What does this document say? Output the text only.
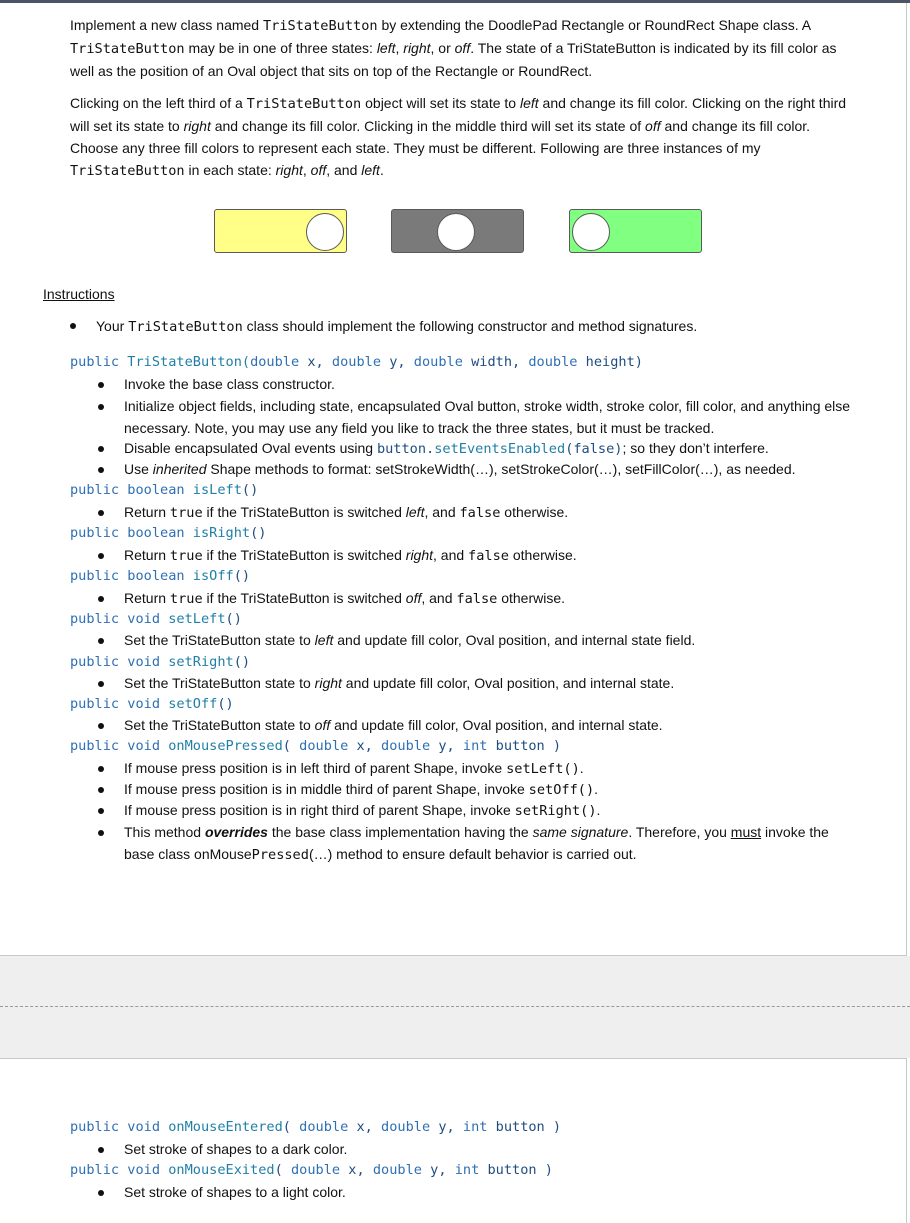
Implement a new class named TriStateButton by extending the DoodlePad Rectangle or RoundRect Shape class. A TriStateButton may be in one of three states: left, right, or off. The state of a TriStateButton is indicated by its fill color as well as the position of an Oval object that sits on top of the Rectangle or RoundRect.

Clicking on the left third of a TriStateButton object will set its state to left and change its fill color. Clicking on the right third will set its state to right and change its fill color. Clicking in the middle third will set its state of off and change its fill color. Choose any three fill colors to represent each state. They must be different. Following are three instances of my TriStateButton in each state: right, off, and left.

Instructions
Your TriStateButton class should implement the following constructor and method signatures.
public TriStateButton(double x, double y, double width, double height)
Invoke the base class constructor.
Initialize object fields, including state, encapsulated Oval button, stroke width, stroke color, fill color, and anything else necessary. Note, you may use any field you like to track the three states, but it must be tracked.
Disable encapsulated Oval events using button.setEventsEnabled(false); so they don’t interfere.
Use inherited Shape methods to format: setStrokeWidth(…), setStrokeColor(…), setFillColor(…), as needed.
public boolean isLeft()
Return true if the TriStateButton is switched left, and false otherwise.
public boolean isRight()
Return true if the TriStateButton is switched right, and false otherwise.
public boolean isOff()
Return true if the TriStateButton is switched off, and false otherwise.
public void setLeft()
Set the TriStateButton state to left and update fill color, Oval position, and internal state field.
public void setRight()
Set the TriStateButton state to right and update fill color, Oval position, and internal state.
public void setOff()
Set the TriStateButton state to off and update fill color, Oval position, and internal state.
public void onMousePressed( double x, double y, int button )
If mouse press position is in left third of parent Shape, invoke setLeft().
If mouse press position is in middle third of parent Shape, invoke setOff().
If mouse press position is in right third of parent Shape, invoke setRight().
This method overrides the base class implementation having the same signature. Therefore, you must invoke the base class onMousePressed(…) method to ensure default behavior is carried out.
public void onMouseEntered( double x, double y, int button )
Set stroke of shapes to a dark color.
public void onMouseExited( double x, double y, int button )
Set stroke of shapes to a light color.
